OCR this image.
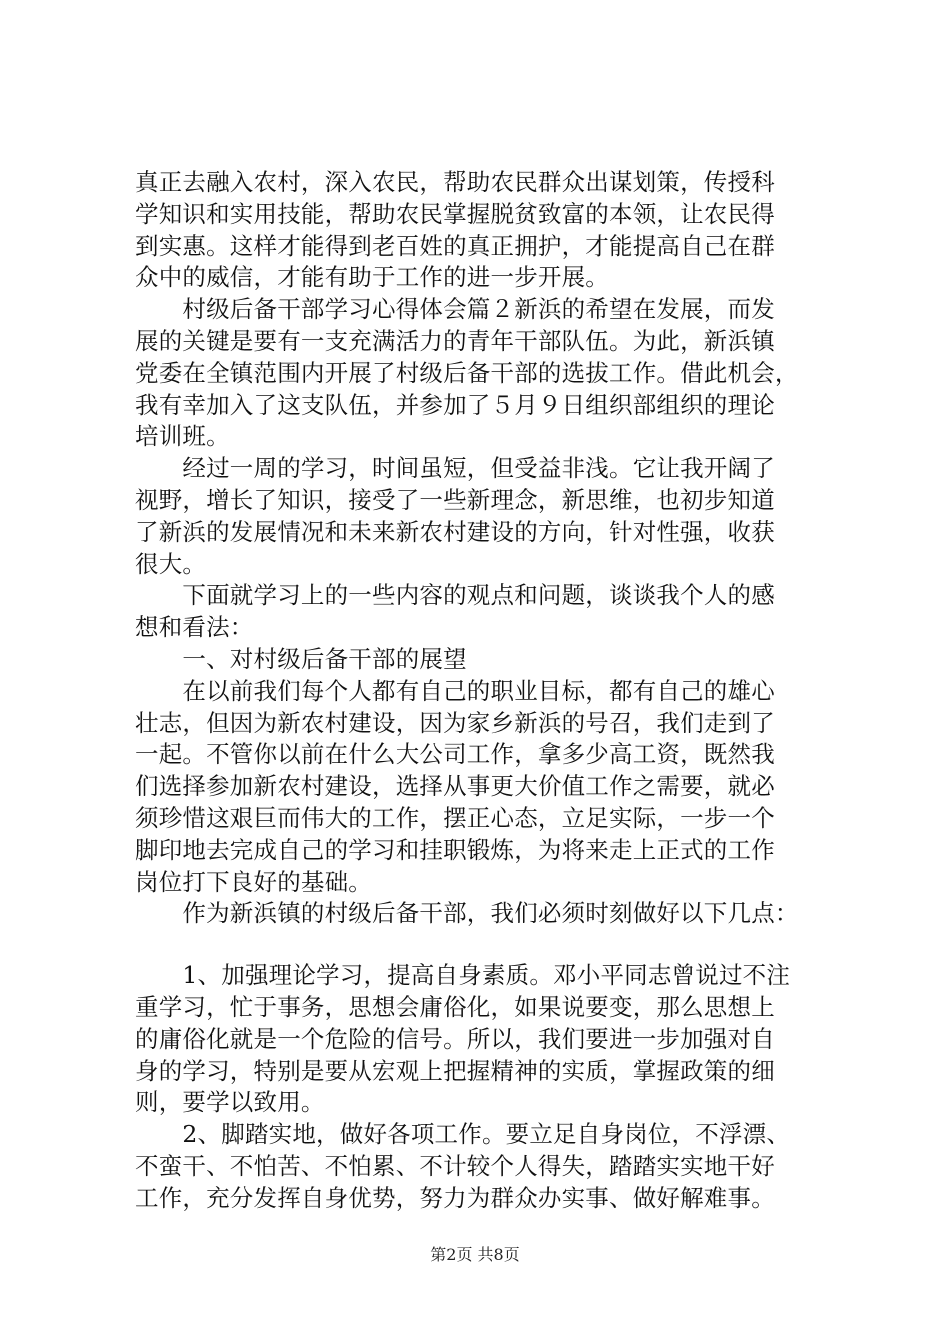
真正去融入农村，深入农民，帮助农民群众出谋划策，传授科
学知识和实用技能，帮助农民掌握脱贫致富的本领，让农民得
到实惠。这样才能得到老百姓的真正拥护，才能提高自己在群
众中的威信，才能有助于工作的进一步开展。
　　村级后备干部学习心得体会篇２新浜的希望在发展，而发
展的关键是要有一支充满活力的青年干部队伍。为此，新浜镇
党委在全镇范围内开展了村级后备干部的选拔工作。借此机会，
我有幸加入了这支队伍，并参加了５月９日组织部组织的理论
培训班。
　　经过一周的学习，时间虽短，但受益非浅。它让我开阔了
视野，增长了知识，接受了一些新理念，新思维，也初步知道
了新浜的发展情况和未来新农村建设的方向，针对性强，收获
很大。
　　下面就学习上的一些内容的观点和问题，谈谈我个人的感
想和看法：
　　一、对村级后备干部的展望
　　在以前我们每个人都有自己的职业目标，都有自己的雄心
壮志，但因为新农村建设，因为家乡新浜的号召，我们走到了
一起。不管你以前在什么大公司工作，拿多少高工资，既然我
们选择参加新农村建设，选择从事更大价值工作之需要，就必
须珍惜这艰巨而伟大的工作，摆正心态，立足实际，一步一个
脚印地去完成自己的学习和挂职锻炼，为将来走上正式的工作
岗位打下良好的基础。
　　作为新浜镇的村级后备干部，我们必须时刻做好以下几点：
　　1、加强理论学习，提高自身素质。邓小平同志曾说过不注
重学习，忙于事务，思想会庸俗化，如果说要变，那么思想上
的庸俗化就是一个危险的信号。所以，我们要进一步加强对自
身的学习，特别是要从宏观上把握精神的实质，掌握政策的细
则，要学以致用。
　　2、脚踏实地，做好各项工作。要立足自身岗位，不浮漂、
不蛮干、不怕苦、不怕累、不计较个人得失，踏踏实实地干好
工作，充分发挥自身优势，努力为群众办实事、做好解难事。
第2页 共8页
